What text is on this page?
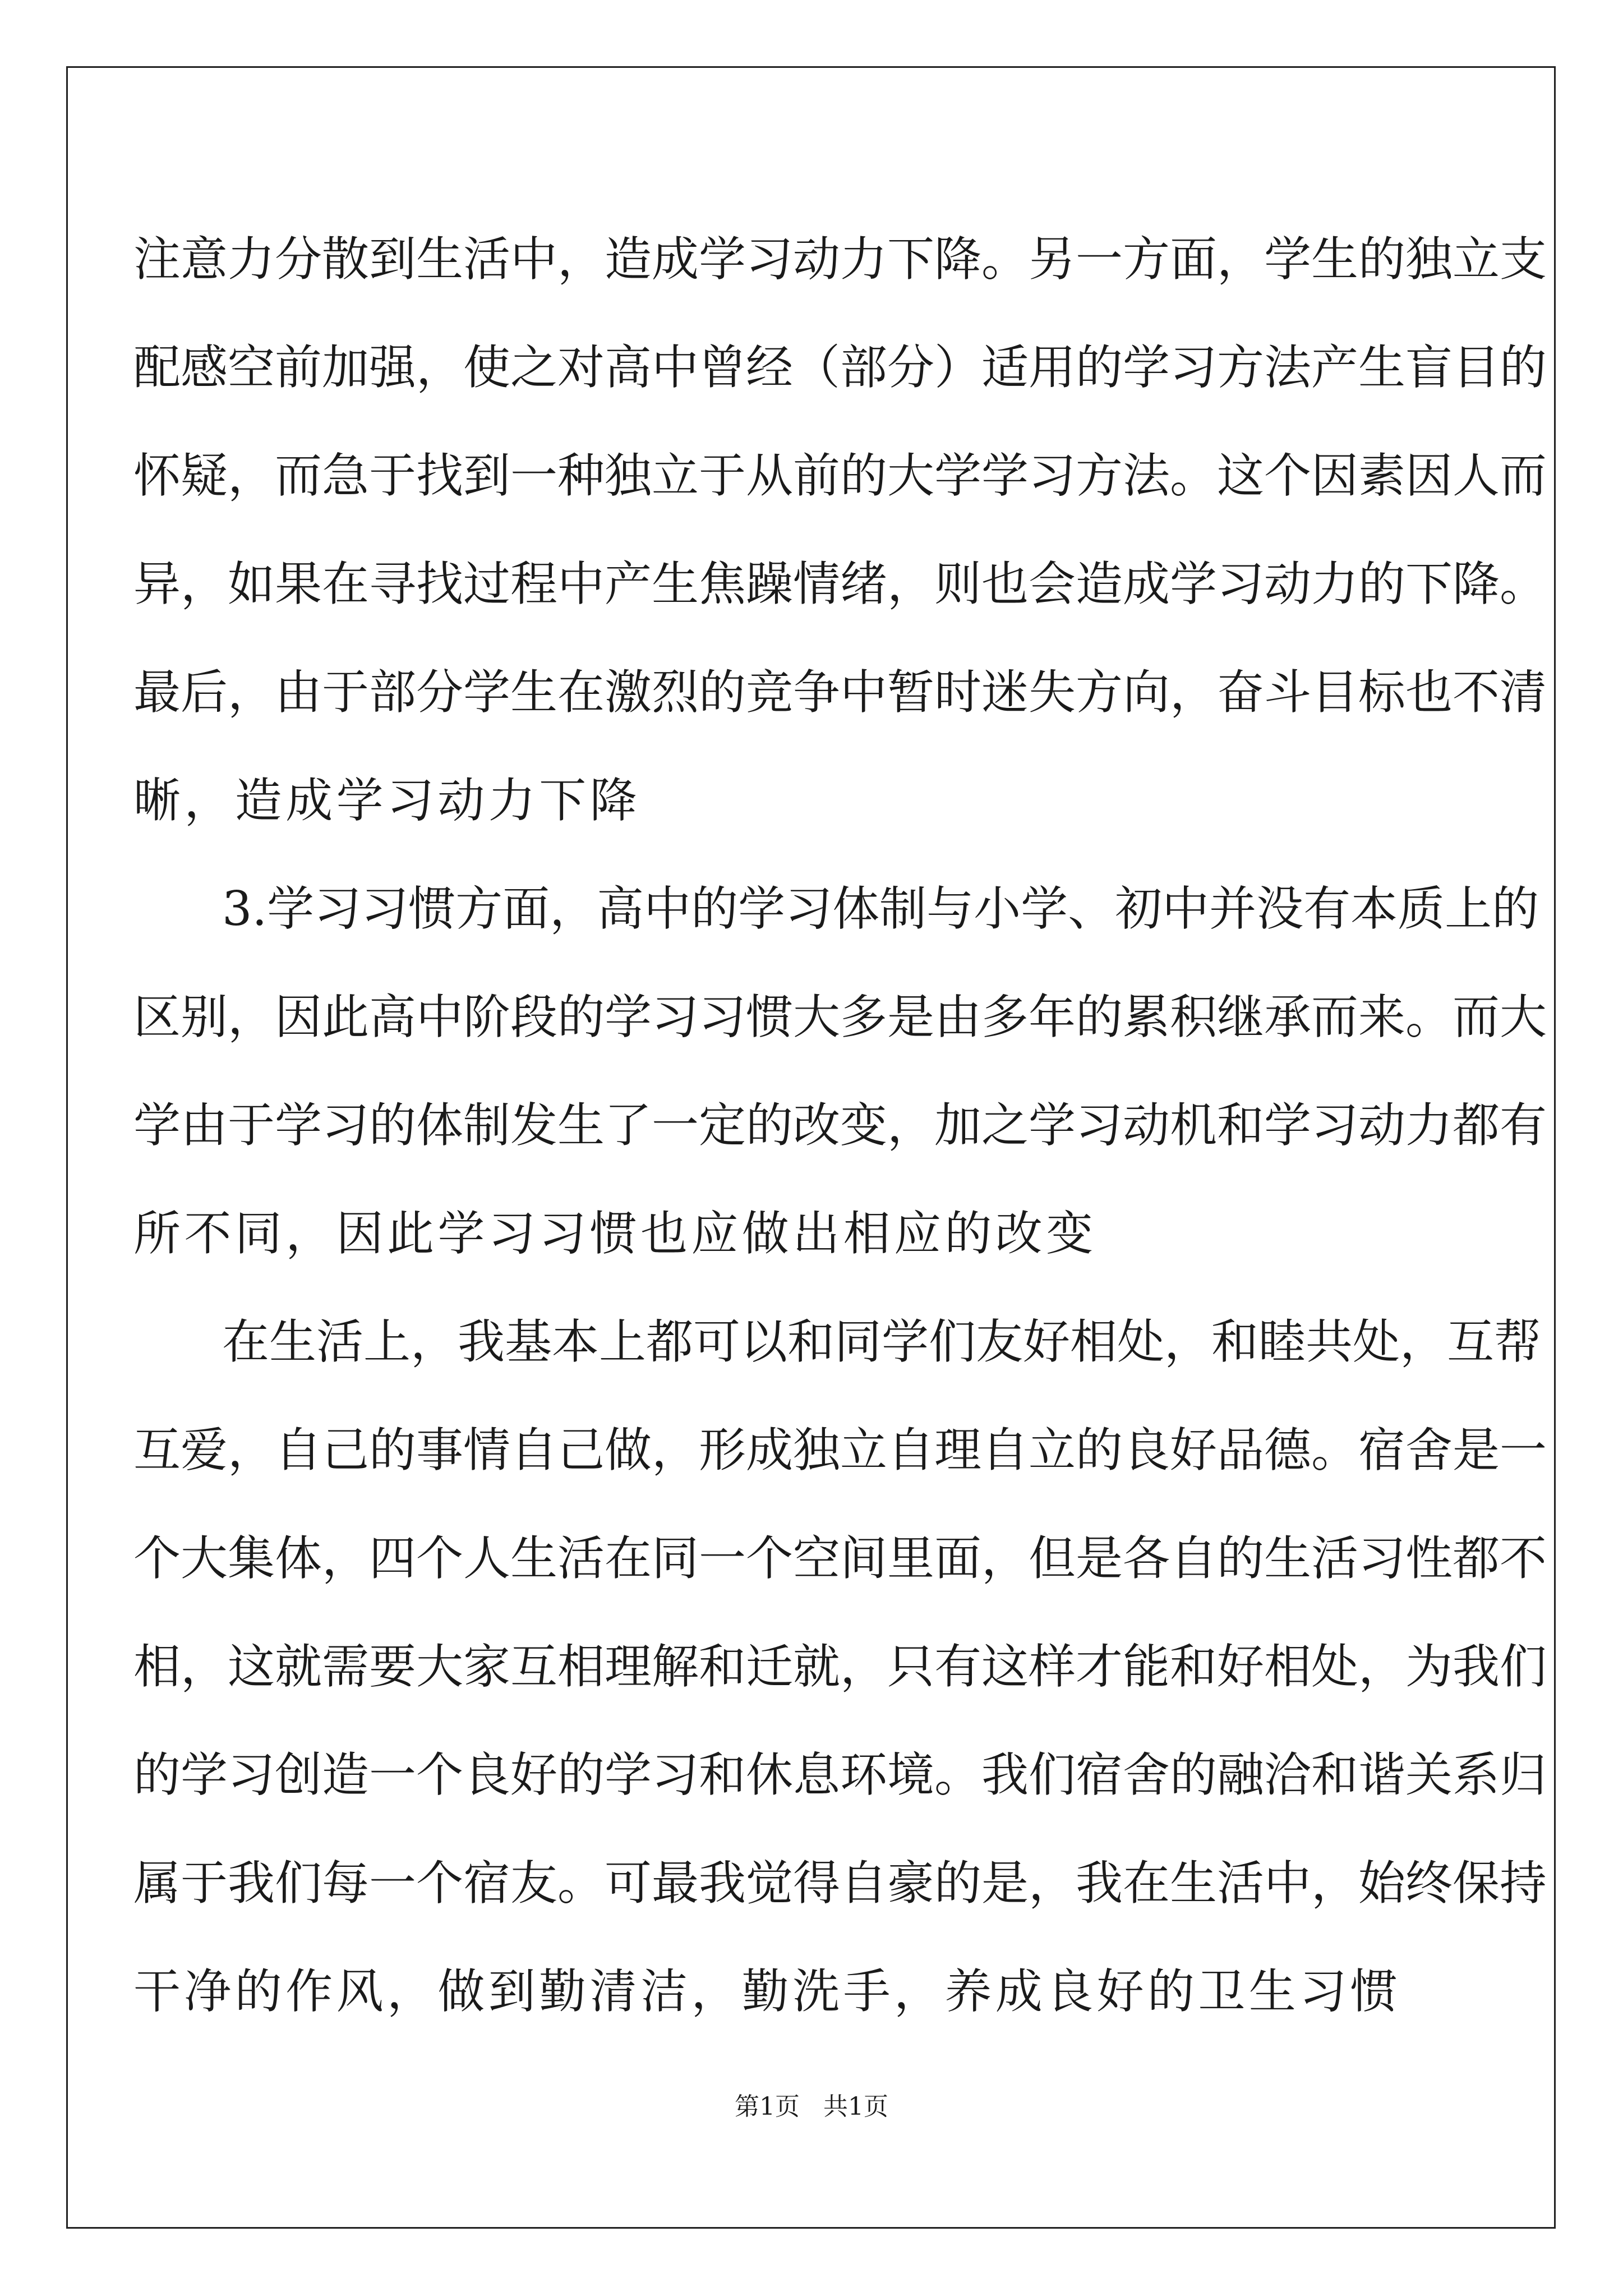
注意力分散到生活中，造成学习动力下降。另一方面，学生的独立支
配感空前加强，使之对高中曾经（部分）适用的学习方法产生盲目的
怀疑，而急于找到一种独立于从前的大学学习方法。这个因素因人而
异，如果在寻找过程中产生焦躁情绪，则也会造成学习动力的下降。
最后，由于部分学生在激烈的竞争中暂时迷失方向，奋斗目标也不清
晰，造成学习动力下降
3.学习习惯方面，高中的学习体制与小学、初中并没有本质上的
区别，因此高中阶段的学习习惯大多是由多年的累积继承而来。而大
学由于学习的体制发生了一定的改变，加之学习动机和学习动力都有
所不同，因此学习习惯也应做出相应的改变
在生活上，我基本上都可以和同学们友好相处，和睦共处，互帮
互爱，自己的事情自己做，形成独立自理自立的良好品德。宿舍是一
个大集体，四个人生活在同一个空间里面，但是各自的生活习性都不
相，这就需要大家互相理解和迁就，只有这样才能和好相处，为我们
的学习创造一个良好的学习和休息环境。我们宿舍的融洽和谐关系归
属于我们每一个宿友。可最我觉得自豪的是，我在生活中，始终保持
干净的作风，做到勤清洁，勤洗手，养成良好的卫生习惯
第1页   共1页
